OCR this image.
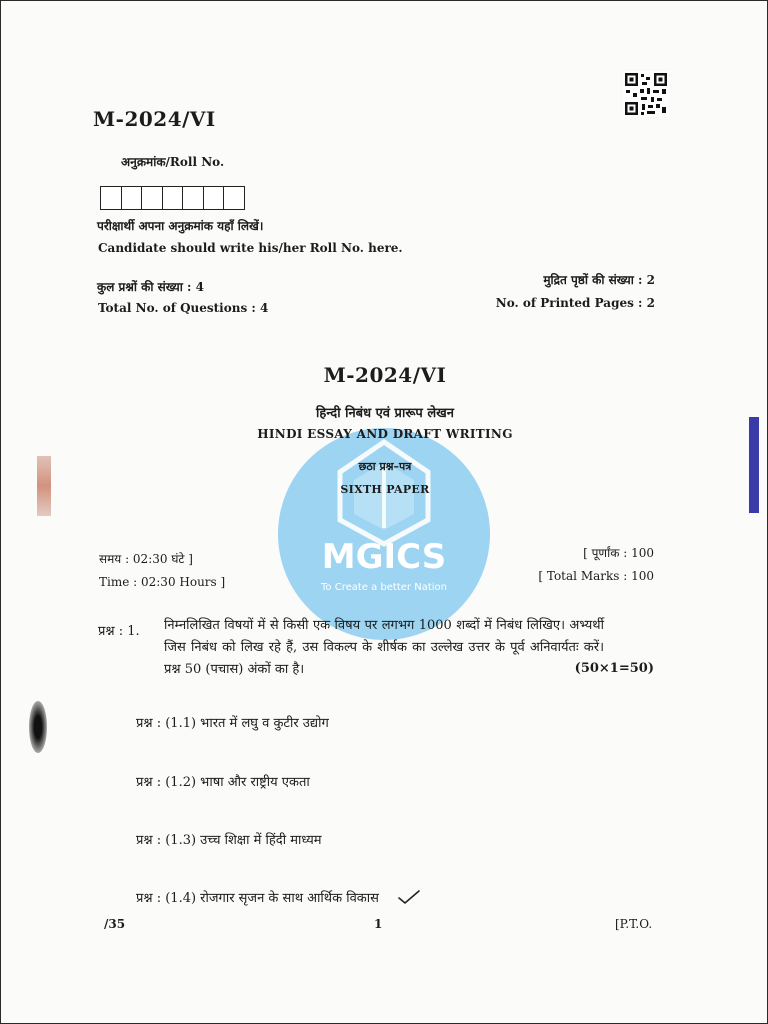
MGICS
To Create a better Nation
M-2024/VI
अनुक्रमांक/Roll No.
परीक्षार्थी अपना अनुक्रमांक यहाँ लिखें।
Candidate should write his/her Roll No. here.
कुल प्रश्नों की संख्या : 4
Total No. of Questions : 4
मुद्रित पृष्ठों की संख्या : 2
No. of Printed Pages : 2
M-2024/VI
हिन्दी निबंध एवं प्रारूप लेखन
HINDI ESSAY AND DRAFT WRITING
छठा प्रश्न–पत्र
SIXTH PAPER
समय : 02:30 घंटे ]
Time : 02:30 Hours ]
[ पूर्णांक : 100
[ Total Marks : 100
प्रश्न : 1. निम्नलिखित विषयों में से किसी एक विषय पर लगभग 1000 शब्दों में निबंध लिखिए। अभ्यर्थी जिस निबंध को लिख रहे हैं, उस विकल्प के शीर्षक का उल्लेख उत्तर के पूर्व अनिवार्यतः करें। प्रश्न 50 (पचास) अंकों का है।	(50×1=50)
प्रश्न : (1.1) भारत में लघु व कुटीर उद्योग
प्रश्न : (1.2) भाषा और राष्ट्रीय एकता
प्रश्न : (1.3) उच्च शिक्षा में हिंदी माध्यम
प्रश्न : (1.4) रोजगार सृजन के साथ आर्थिक विकास
/35	1	[P.T.O.
